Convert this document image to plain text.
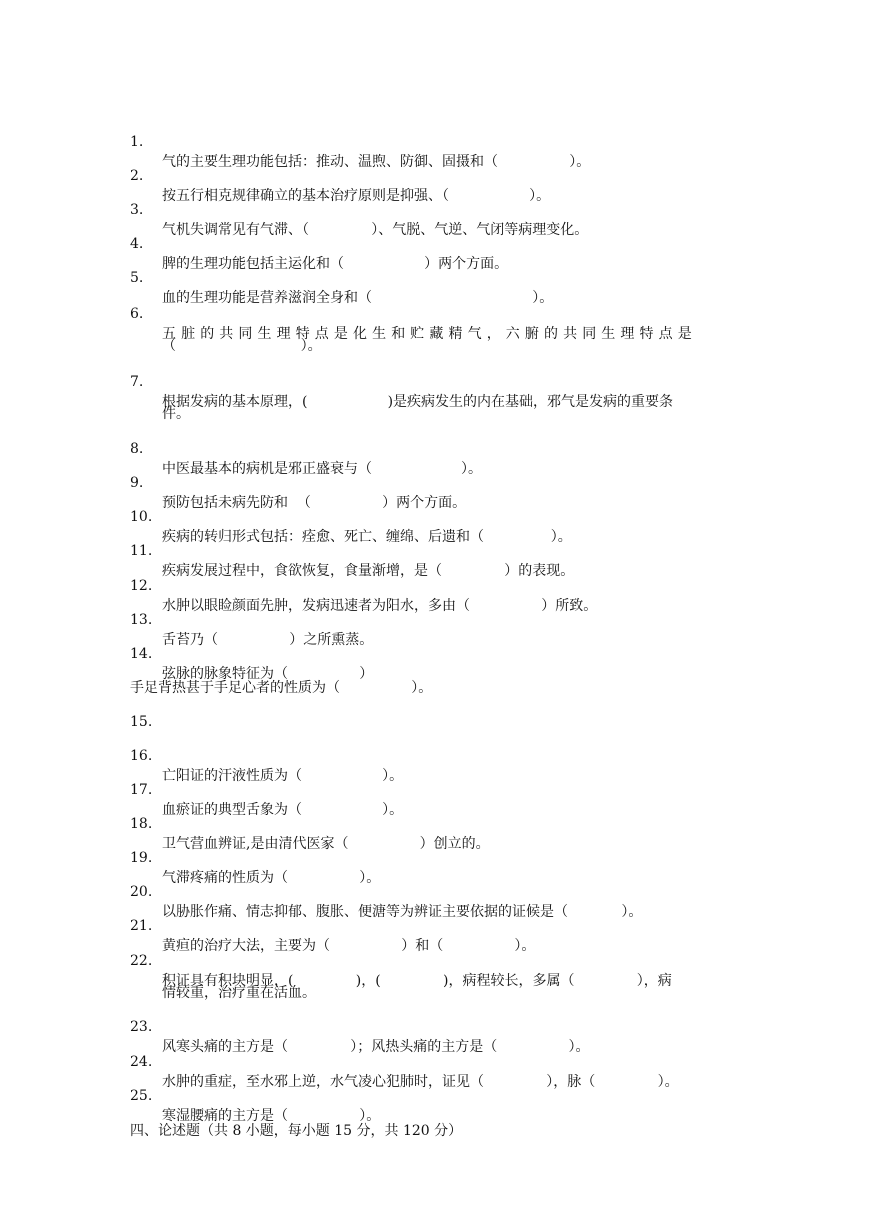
1.

气的主要生理功能包括：推动、温煦、防御、固摄和（                ）。

2.

按五行相克规律确立的基本治疗原则是抑强、（                  ）。

3.

气机失调常见有气滞、（              ）、气脱、气逆、气闭等病理变化。

4.

脾的生理功能包括主运化和（                  ）两个方面。

5.

血的生理功能是营养滋润全身和（                                    ）。

6.

五脏的共同生理特点是化生和贮藏精气，六腑的共同生理特点是

（                            ）。

7.

根据发病的基本原理，(                  )是疾病发生的内在基础，邪气是发病的重要条

件。

8.

中医最基本的病机是邪正盛衰与（                    ）。

9.

预防包括未病先防和  （                ）两个方面。

10.

疾病的转归形式包括：痊愈、死亡、缠绵、后遗和（               ）。

11.

疾病发展过程中，食欲恢复，食量渐增，是（              ）的表现。

12.

水肿以眼睑颜面先肿，发病迅速者为阳水，多由（                ）所致。

13.

舌苔乃（                ）之所熏蒸。

14.

弦脉的脉象特征为（                ）

手足背热甚于手足心者的性质为（                ）。

15.

16.

亡阳证的汗液性质为（                  ）。

17.

血瘀证的典型舌象为（                  ）。

18.

卫气营血辨证,是由清代医家（                ）创立的。

19.

气滞疼痛的性质为（                ）。

20.

以胁胀作痛、情志抑郁、腹胀、便溏等为辨证主要依据的证候是（            ）。

21.

黄疸的治疗大法，主要为（                ）和（                ）。

22.

积证具有积块明显，(              )，(              )，病程较长，多属（              ），病

情较重，治疗重在活血。

23.

风寒头痛的主方是（              ）；风热头痛的主方是（                ）。

24.

水肿的重症，至水邪上逆，水气凌心犯肺时，证见（              ），脉（              ）。

25.

寒湿腰痛的主方是（                ）。

四、论述题（共 8 小题，每小题 15 分，共 120 分）
